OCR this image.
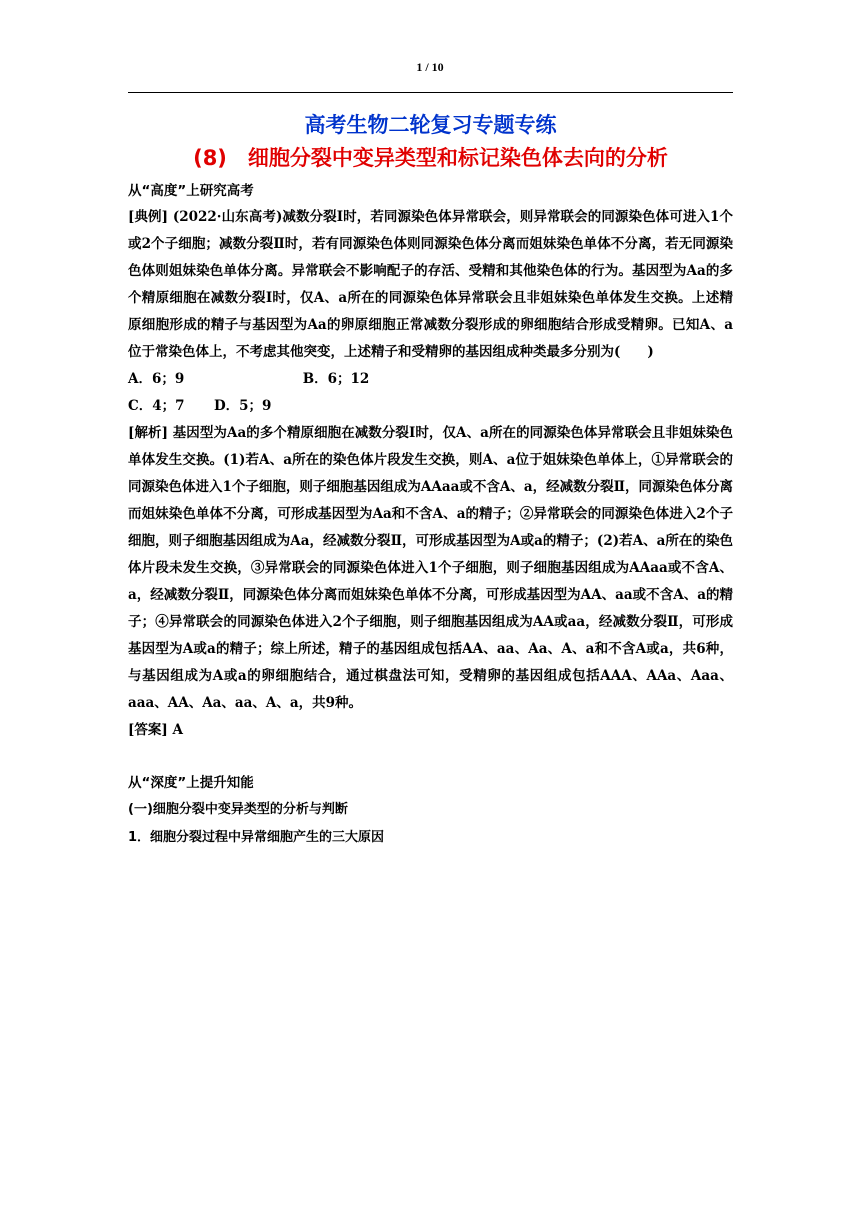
1 / 10

高考生物二轮复习专题专练

(8)　细胞分裂中变异类型和标记染色体去向的分析

从“高度”上研究高考

[典例] (2022·山东高考)减数分裂Ⅰ时，若同源染色体异常联会，则异常联会的同源染色体可进入1个或2个子细胞；减数分裂Ⅱ时，若有同源染色体则同源染色体分离而姐妹染色单体不分离，若无同源染色体则姐妹染色单体分离。异常联会不影响配子的存活、受精和其他染色体的行为。基因型为Aa的多个精原细胞在减数分裂Ⅰ时，仅A、a所在的同源染色体异常联会且非姐妹染色单体发生交换。上述精原细胞形成的精子与基因型为Aa的卵原细胞正常减数分裂形成的卵细胞结合形成受精卵。已知A、a位于常染色体上，不考虑其他突变，上述精子和受精卵的基因组成种类最多分别为(　　)

A．6；9	B．6；12

C．4；7 D．5；9

[解析] 基因型为Aa的多个精原细胞在减数分裂Ⅰ时，仅A、a所在的同源染色体异常联会且非姐妹染色单体发生交换。(1)若A、a所在的染色体片段发生交换，则A、a位于姐妹染色单体上，①异常联会的同源染色体进入1个子细胞，则子细胞基因组成为AAaa或不含A、a，经减数分裂Ⅱ，同源染色体分离而姐妹染色单体不分离，可形成基因型为Aa和不含A、a的精子；②异常联会的同源染色体进入2个子细胞，则子细胞基因组成为Aa，经减数分裂Ⅱ，可形成基因型为A或a的精子；(2)若A、a所在的染色体片段未发生交换，③异常联会的同源染色体进入1个子细胞，则子细胞基因组成为AAaa或不含A、a，经减数分裂Ⅱ，同源染色体分离而姐妹染色单体不分离，可形成基因型为AA、aa或不含A、a的精子；④异常联会的同源染色体进入2个子细胞，则子细胞基因组成为AA或aa，经减数分裂Ⅱ，可形成基因型为A或a的精子；综上所述，精子的基因组成包括AA、aa、Aa、A、a和不含A或a，共6种，与基因组成为A或a的卵细胞结合，通过棋盘法可知，受精卵的基因组成包括AAA、AAa、Aaa、aaa、AA、Aa、aa、A、a，共9种。

[答案] A

从“深度”上提升知能

(一)细胞分裂中变异类型的分析与判断

1．细胞分裂过程中异常细胞产生的三大原因
